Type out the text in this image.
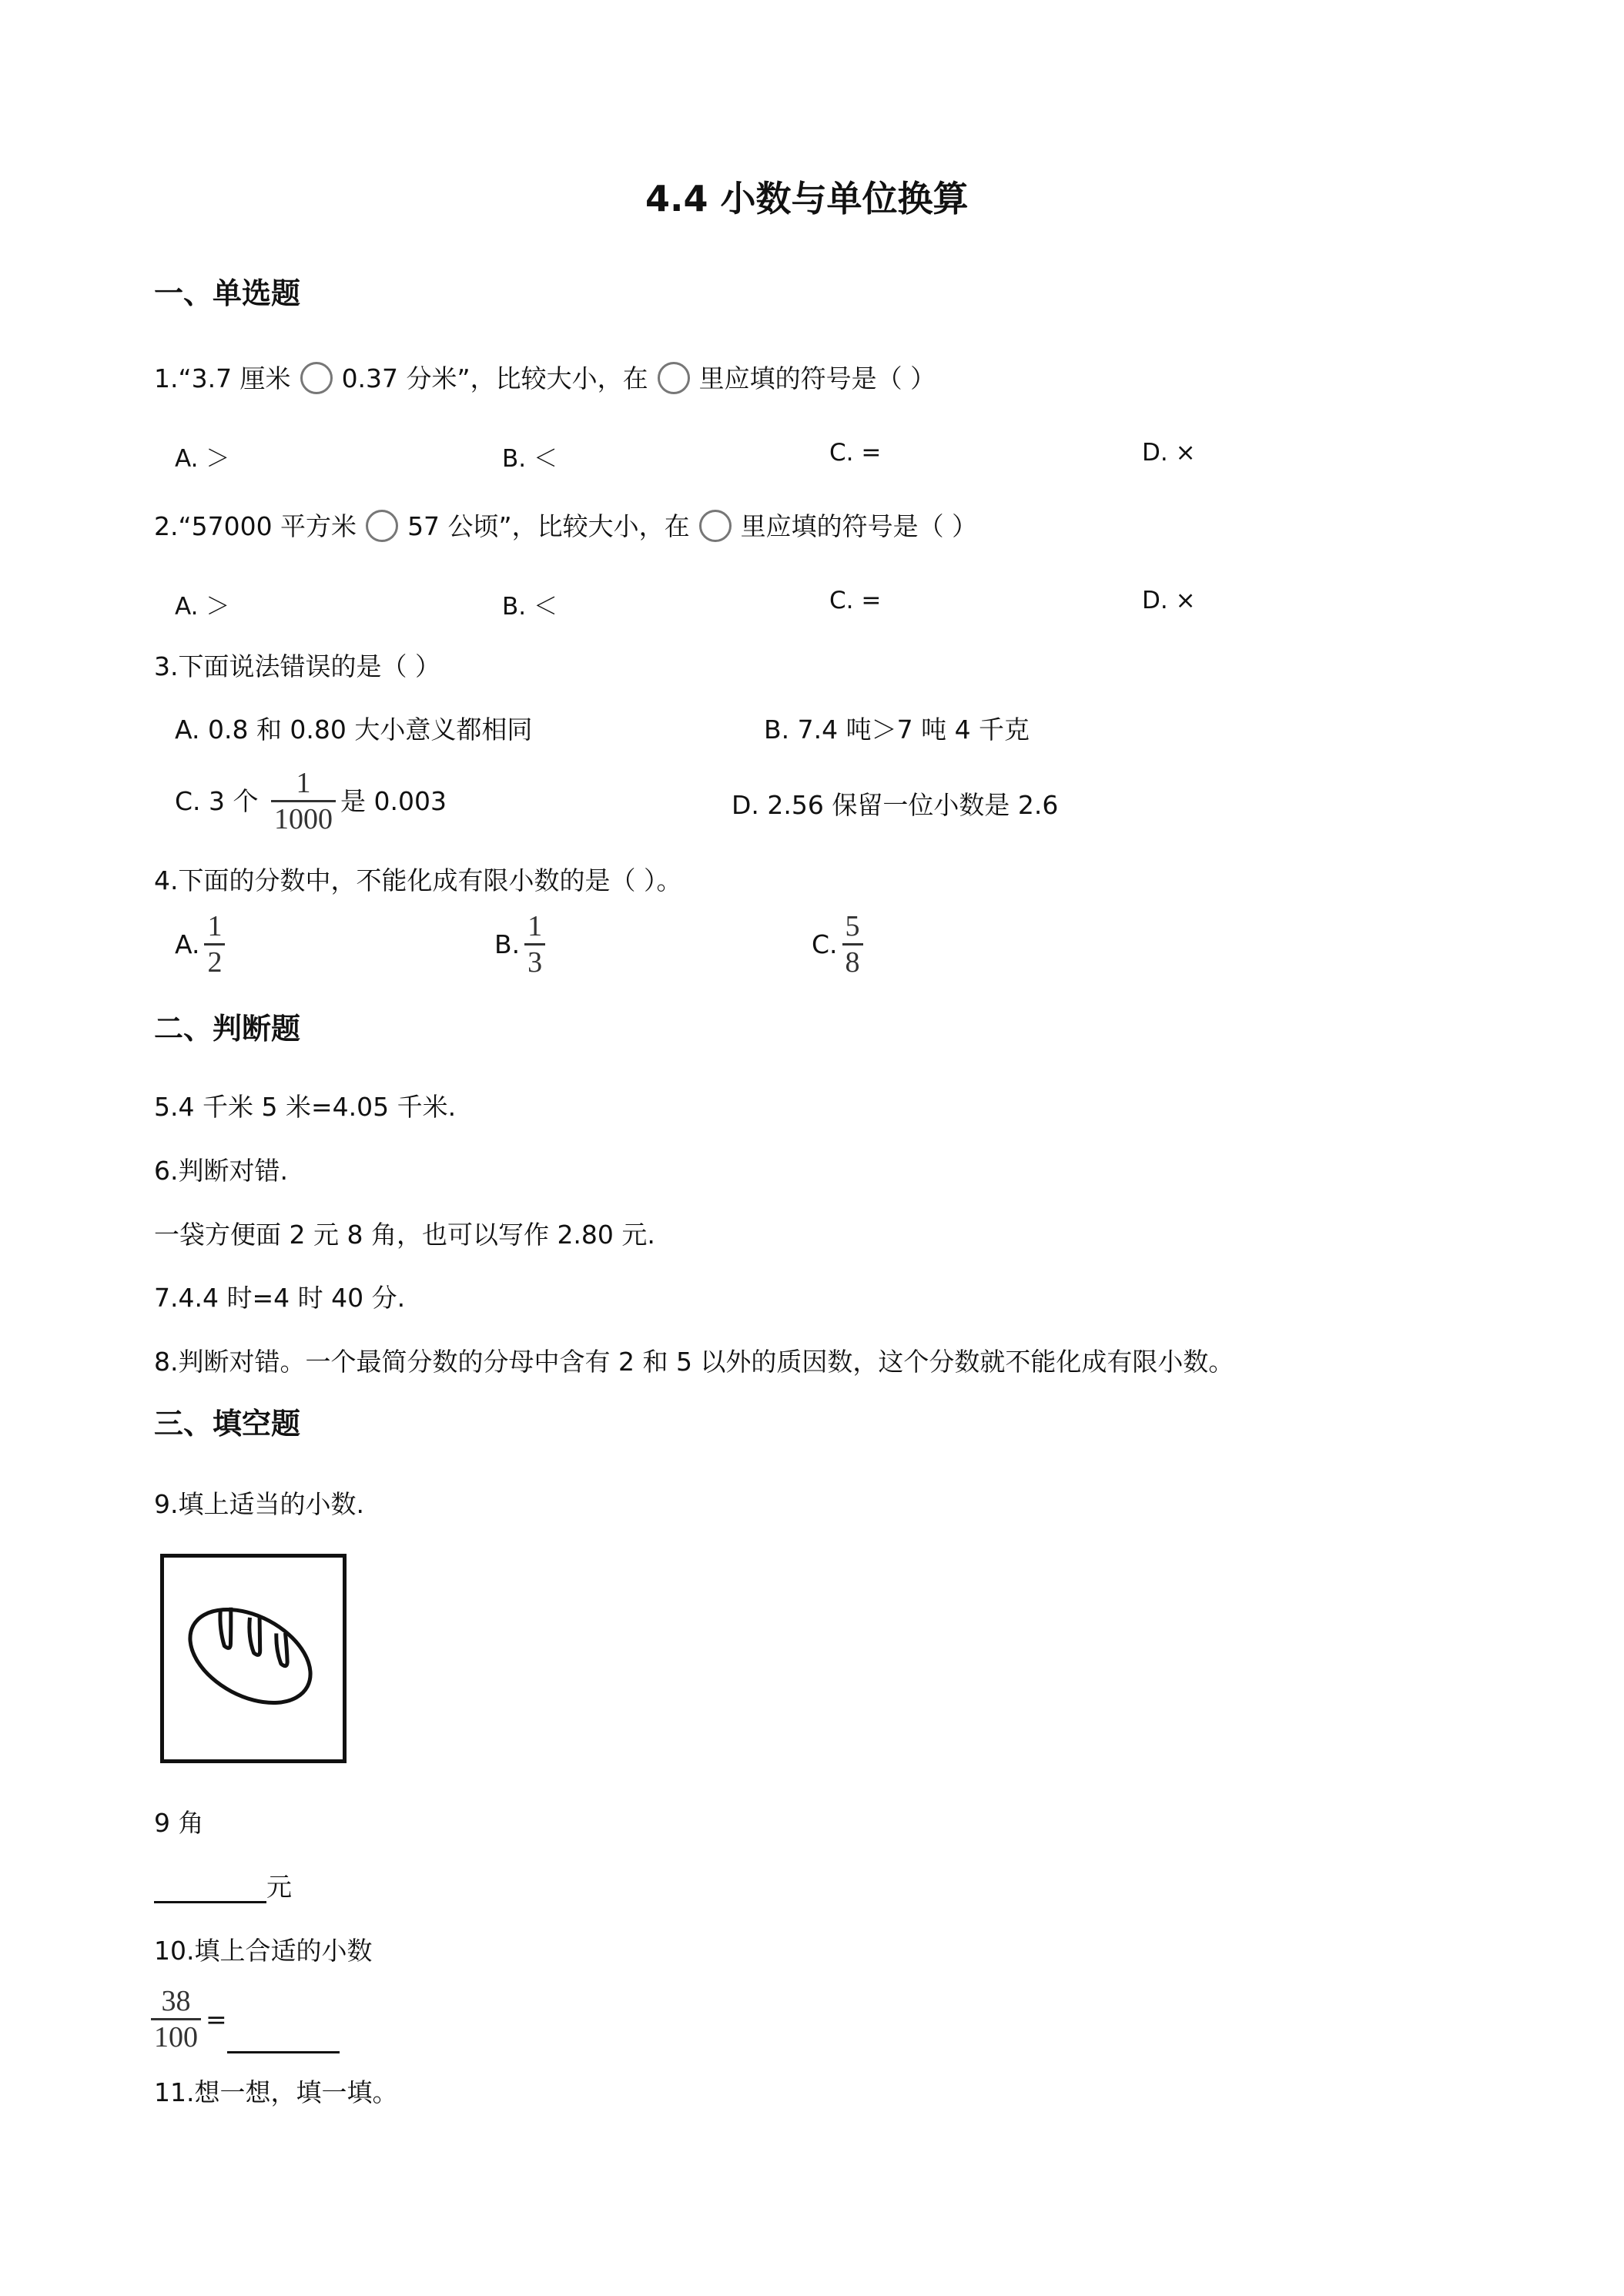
4.4 小数与单位换算
一、单选题
1.“3.7 厘米 0.37 分米”，比较大小，在 里应填的符号是（ ）
A. ＞	B. ＜	C. =	D. ×
2.“57000 平方米 57 公顷”，比较大小，在 里应填的符号是（ ）
A. ＞	B. ＜	C. =	D. ×
3.下面说法错误的是（ ）
A. 0.8 和 0.80 大小意义都相同	B. 7.4 吨＞7 吨 4 千克
C. 3 个 $\frac{1}{1000}$ 是 0.003	D. 2.56 保留一位小数是 2.6
4.下面的分数中，不能化成有限小数的是（ ）。
A. $\frac{1}{2}$	B. $\frac{1}{3}$	C. $\frac{5}{8}$
二、判断题
5.4 千米 5 米=4.05 千米.
6.判断对错.
一袋方便面 2 元 8 角，也可以写作 2.80 元.
7.4.4 时=4 时 40 分.
8.判断对错。一个最简分数的分母中含有 2 和 5 以外的质因数，这个分数就不能化成有限小数。
三、填空题
9.填上适当的小数.
9 角
元
10.填上合适的小数
$\frac{38}{100}$ =
11.想一想，填一填。
